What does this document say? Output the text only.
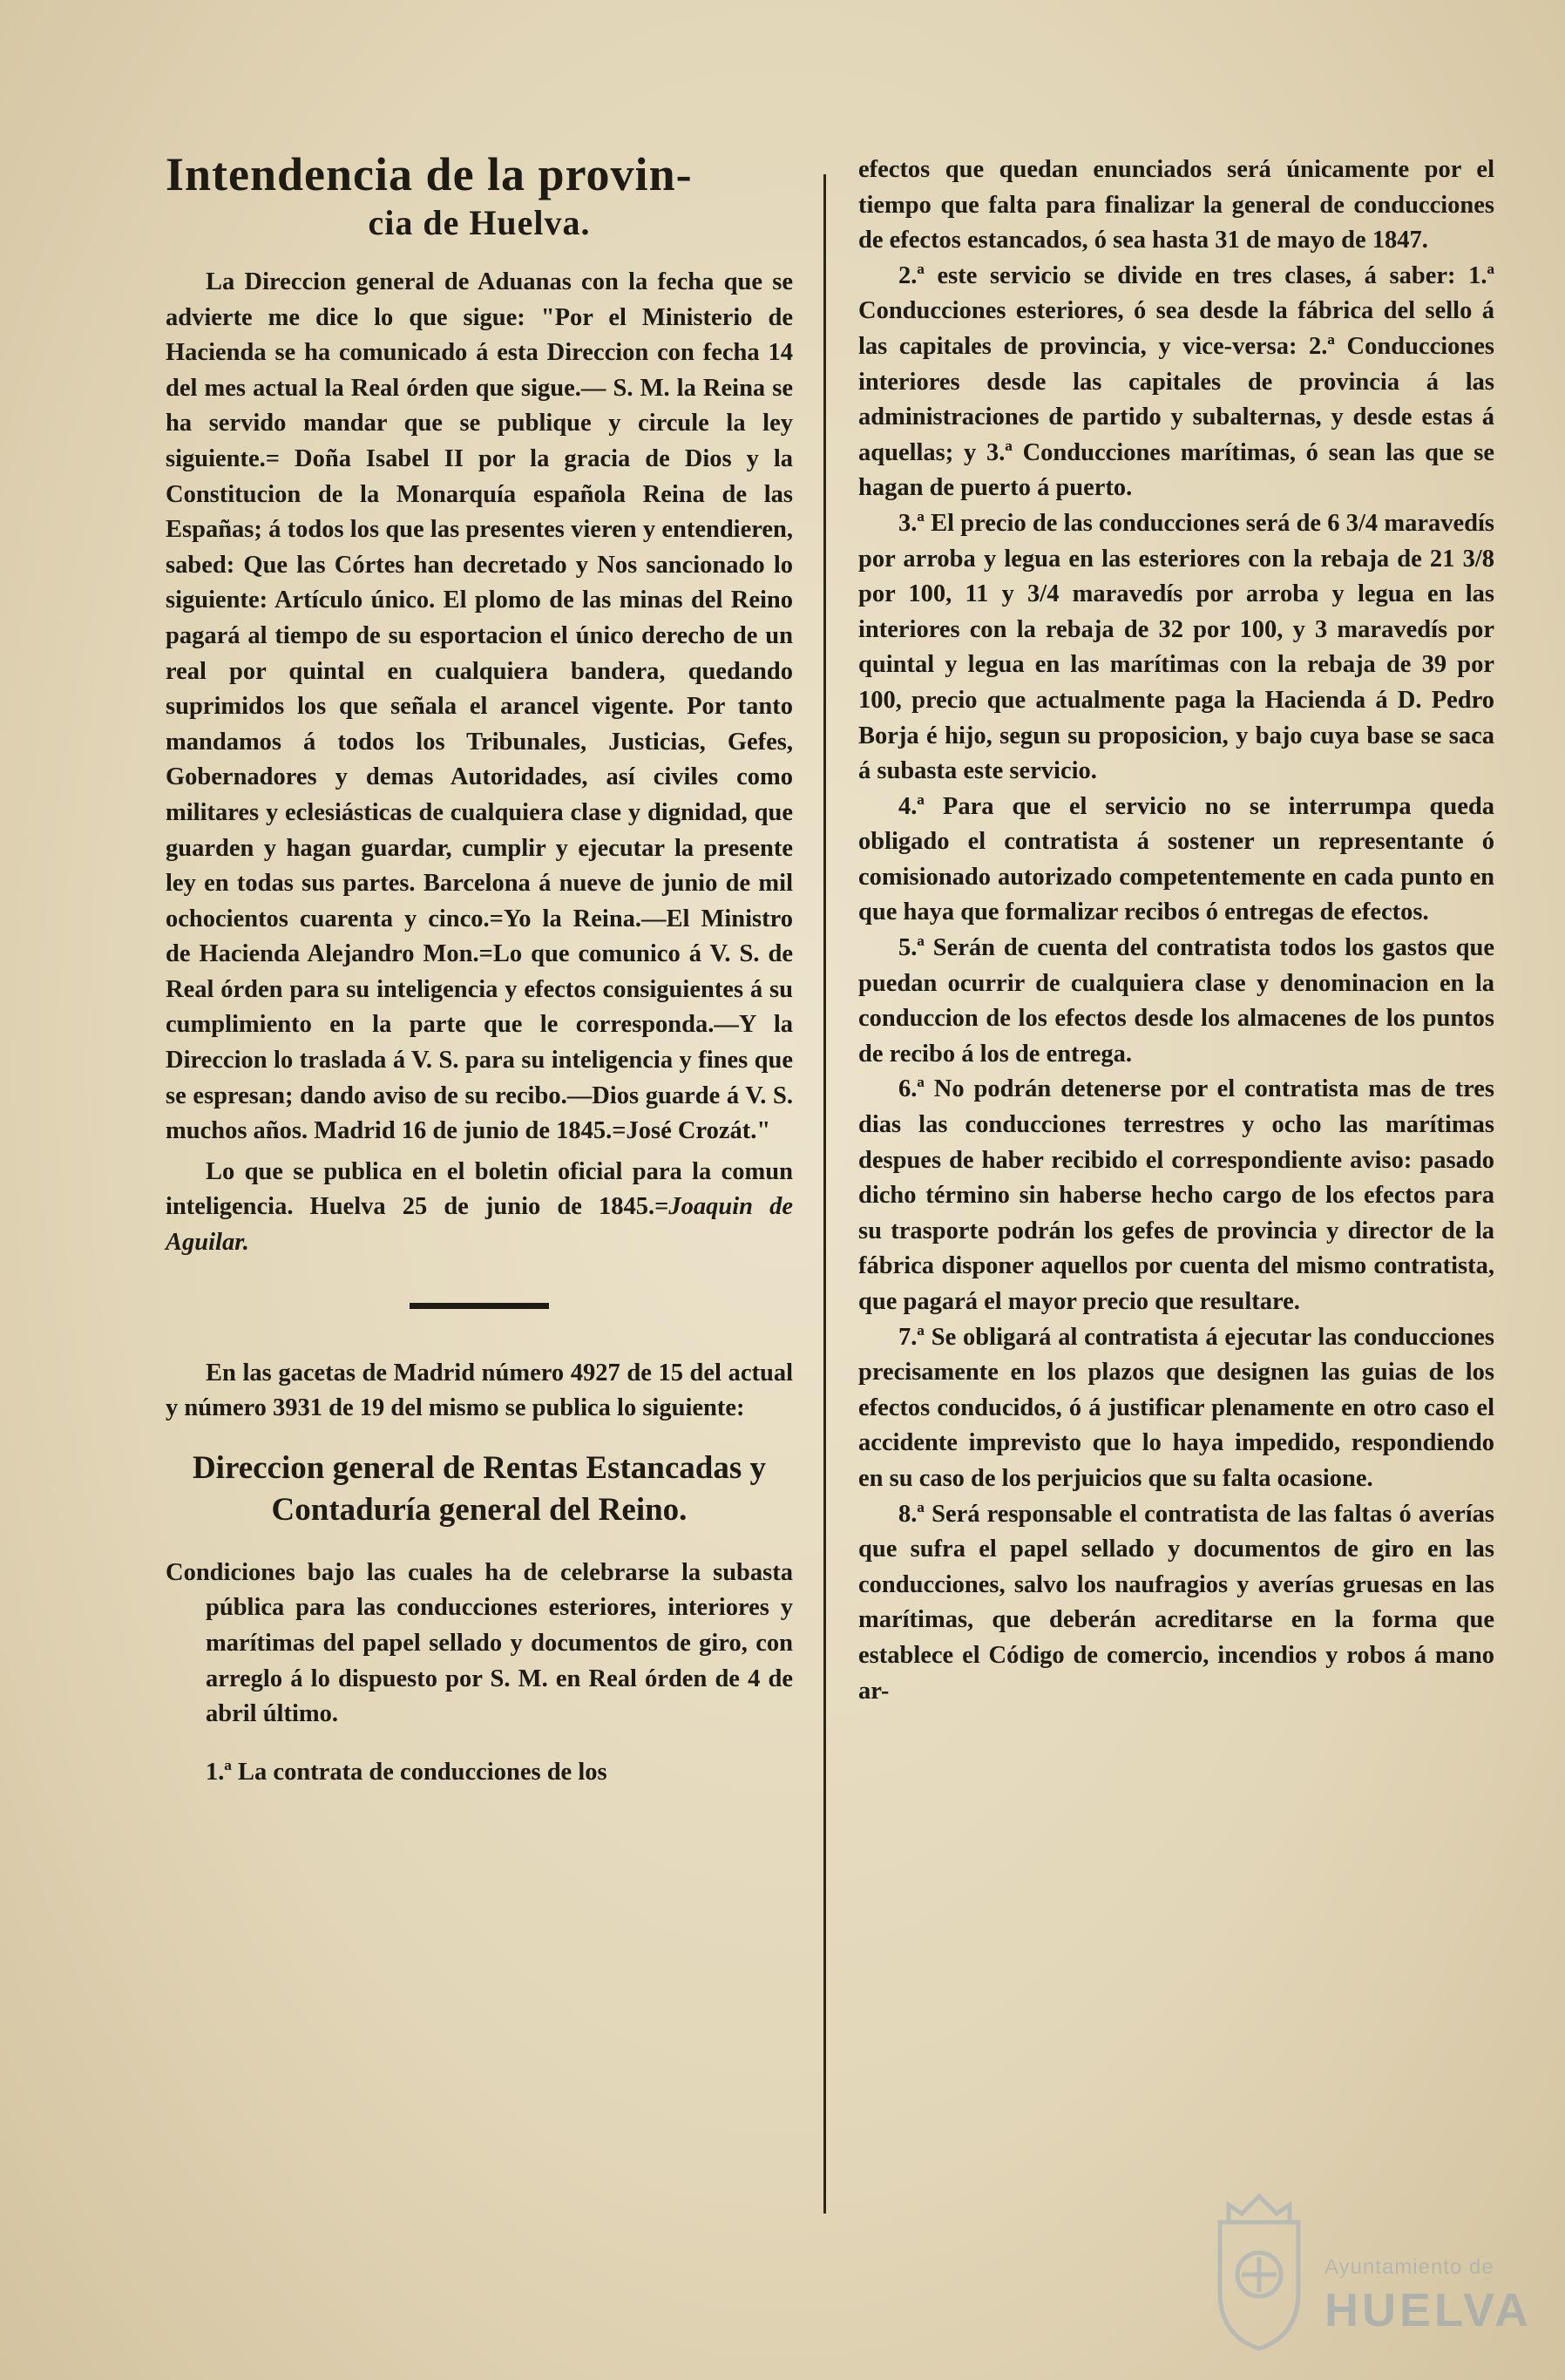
Intendencia de la provin-
cia de Huelva.

La Direccion general de Aduanas con la fecha que se advierte me dice lo que sigue: "Por el Ministerio de Hacienda se ha comunicado á esta Direccion con fecha 14 del mes actual la Real órden que sigue.— S. M. la Reina se ha servido mandar que se publique y circule la ley siguiente.= Doña Isabel II por la gracia de Dios y la Constitucion de la Monarquía española Reina de las Españas; á todos los que las presentes vieren y entendieren, sabed: Que las Córtes han decretado y Nos sancionado lo siguiente: Artículo único. El plomo de las minas del Reino pagará al tiempo de su esportacion el único derecho de un real por quintal en cualquiera bandera, quedando suprimidos los que señala el arancel vigente. Por tanto mandamos á todos los Tribunales, Justicias, Gefes, Gobernadores y demas Autoridades, así civiles como militares y eclesiásticas de cualquiera clase y dignidad, que guarden y hagan guardar, cumplir y ejecutar la presente ley en todas sus partes. Barcelona á nueve de junio de mil ochocientos cuarenta y cinco.=Yo la Reina.—El Ministro de Hacienda Alejandro Mon.=Lo que comunico á V. S. de Real órden para su inteligencia y efectos consiguientes á su cumplimiento en la parte que le corresponda.—Y la Direccion lo traslada á V. S. para su inteligencia y fines que se espresan; dando aviso de su recibo.—Dios guarde á V. S. muchos años. Madrid 16 de junio de 1845.=José Crozát."

Lo que se publica en el boletin oficial para la comun inteligencia. Huelva 25 de junio de 1845.=Joaquin de Aguilar.

En las gacetas de Madrid número 4927 de 15 del actual y número 3931 de 19 del mismo se publica lo siguiente:

Direccion general de Rentas Estancadas y Contaduría general del Reino.

Condiciones bajo las cuales ha de celebrarse la subasta pública para las conducciones esteriores, interiores y marítimas del papel sellado y documentos de giro, con arreglo á lo dispuesto por S. M. en Real órden de 4 de abril último.

1.ª La contrata de conducciones de los

efectos que quedan enunciados será únicamente por el tiempo que falta para finalizar la general de conducciones de efectos estancados, ó sea hasta 31 de mayo de 1847.

2.ª este servicio se divide en tres clases, á saber: 1.ª Conducciones esteriores, ó sea desde la fábrica del sello á las capitales de provincia, y vice-versa: 2.ª Conducciones interiores desde las capitales de provincia á las administraciones de partido y subalternas, y desde estas á aquellas; y 3.ª Conducciones marítimas, ó sean las que se hagan de puerto á puerto.

3.ª El precio de las conducciones será de 6 3/4 maravedís por arroba y legua en las esteriores con la rebaja de 21 3/8 por 100, 11 y 3/4 maravedís por arroba y legua en las interiores con la rebaja de 32 por 100, y 3 maravedís por quintal y legua en las marítimas con la rebaja de 39 por 100, precio que actualmente paga la Hacienda á D. Pedro Borja é hijo, segun su proposicion, y bajo cuya base se saca á subasta este servicio.

4.ª Para que el servicio no se interrumpa queda obligado el contratista á sostener un representante ó comisionado autorizado competentemente en cada punto en que haya que formalizar recibos ó entregas de efectos.

5.ª Serán de cuenta del contratista todos los gastos que puedan ocurrir de cualquiera clase y denominacion en la conduccion de los efectos desde los almacenes de los puntos de recibo á los de entrega.

6.ª No podrán detenerse por el contratista mas de tres dias las conducciones terrestres y ocho las marítimas despues de haber recibido el correspondiente aviso: pasado dicho término sin haberse hecho cargo de los efectos para su trasporte podrán los gefes de provincia y director de la fábrica disponer aquellos por cuenta del mismo contratista, que pagará el mayor precio que resultare.

7.ª Se obligará al contratista á ejecutar las conducciones precisamente en los plazos que designen las guias de los efectos conducidos, ó á justificar plenamente en otro caso el accidente imprevisto que lo haya impedido, respondiendo en su caso de los perjuicios que su falta ocasione.

8.ª Será responsable el contratista de las faltas ó averías que sufra el papel sellado y documentos de giro en las conducciones, salvo los naufragios y averías gruesas en las marítimas, que deberán acreditarse en la forma que establece el Código de comercio, incendios y robos á mano ar-

Ayuntamiento de
HUELVA
